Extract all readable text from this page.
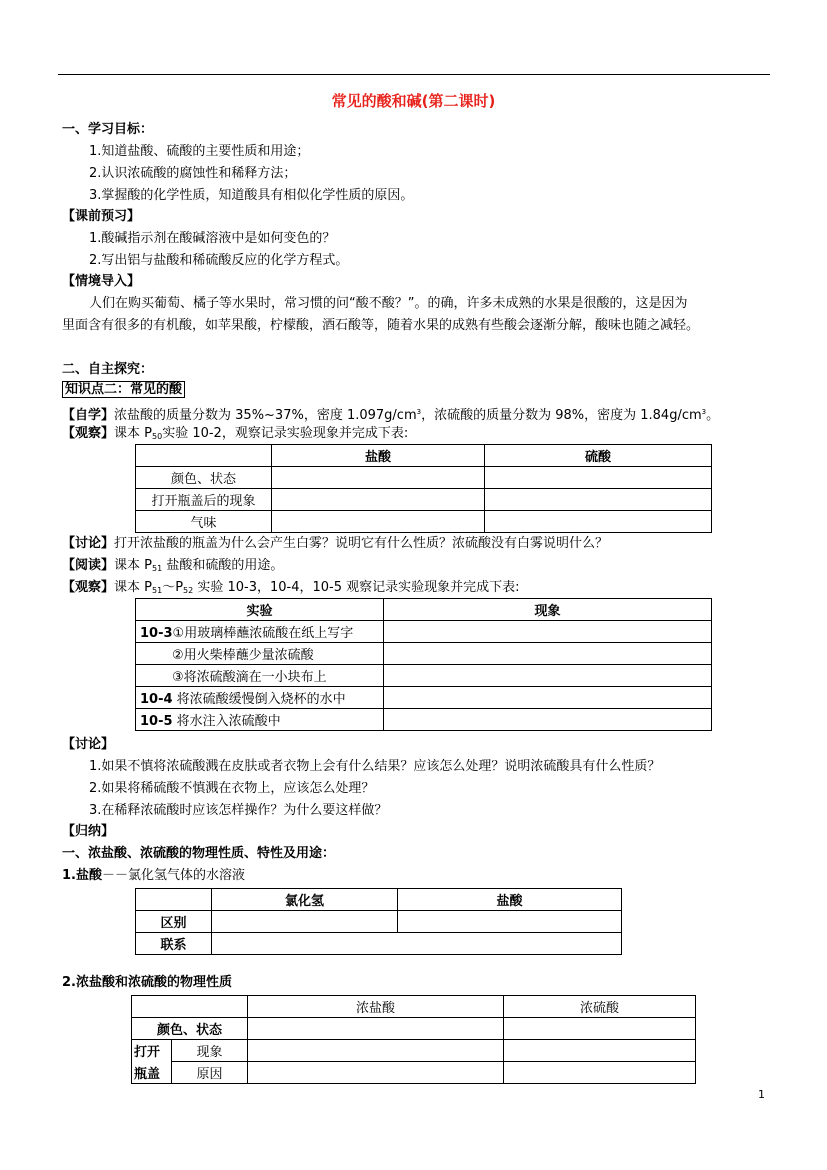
常见的酸和碱(第二课时)
一、学习目标：
1.知道盐酸、硫酸的主要性质和用途；
2.认识浓硫酸的腐蚀性和稀释方法；
3.掌握酸的化学性质，知道酸具有相似化学性质的原因。
【课前预习】
1.酸碱指示剂在酸碱溶液中是如何变色的？
2.写出铝与盐酸和稀硫酸反应的化学方程式。
【情境导入】
人们在购买葡萄、橘子等水果时，常习惯的问“酸不酸？”。的确，许多未成熟的水果是很酸的，这是因为
里面含有很多的有机酸，如苹果酸，柠檬酸，酒石酸等，随着水果的成熟有些酸会逐渐分解，酸味也随之减轻。
二、自主探究：
知识点二：常见的酸
【自学】浓盐酸的质量分数为 35%~37%，密度 $1.097g/cm^3$，浓硫酸的质量分数为 98%，密度为 $1.84g/cm^3$。
【观察】课本 $P_{50}$实验 10-2，观察记录实验现象并完成下表:
	盐酸	硫酸
颜色、状态		
打开瓶盖后的现象		
气味		
【讨论】打开浓盐酸的瓶盖为什么会产生白雾？说明它有什么性质？浓硫酸没有白雾说明什么？
【阅读】课本 $P_{51}$ 盐酸和硫酸的用途。
【观察】课本 $P_{51}\sim P_{52}$ 实验 10-3，10-4，10-5 观察记录实验现象并完成下表:
实验	现象
10-3①用玻璃棒蘸浓硫酸在纸上写字	
②用火柴棒蘸少量浓硫酸	
③将浓硫酸滴在一小块布上	
10-4 将浓硫酸缓慢倒入烧杯的水中	
10-5 将水注入浓硫酸中	
【讨论】
1.如果不慎将浓硫酸溅在皮肤或者衣物上会有什么结果？应该怎么处理？说明浓硫酸具有什么性质？
2.如果将稀硫酸不慎溅在衣物上，应该怎么处理？
3.在稀释浓硫酸时应该怎样操作？为什么要这样做？
【归纳】
一、浓盐酸、浓硫酸的物理性质、特性及用途：
1.盐酸－－氯化氢气体的水溶液
	氯化氢	盐酸
区别		
联系		
2.浓盐酸和浓硫酸的物理性质
		浓盐酸	浓硫酸
颜色、状态			
打开	现象		
瓶盖	原因		
1
